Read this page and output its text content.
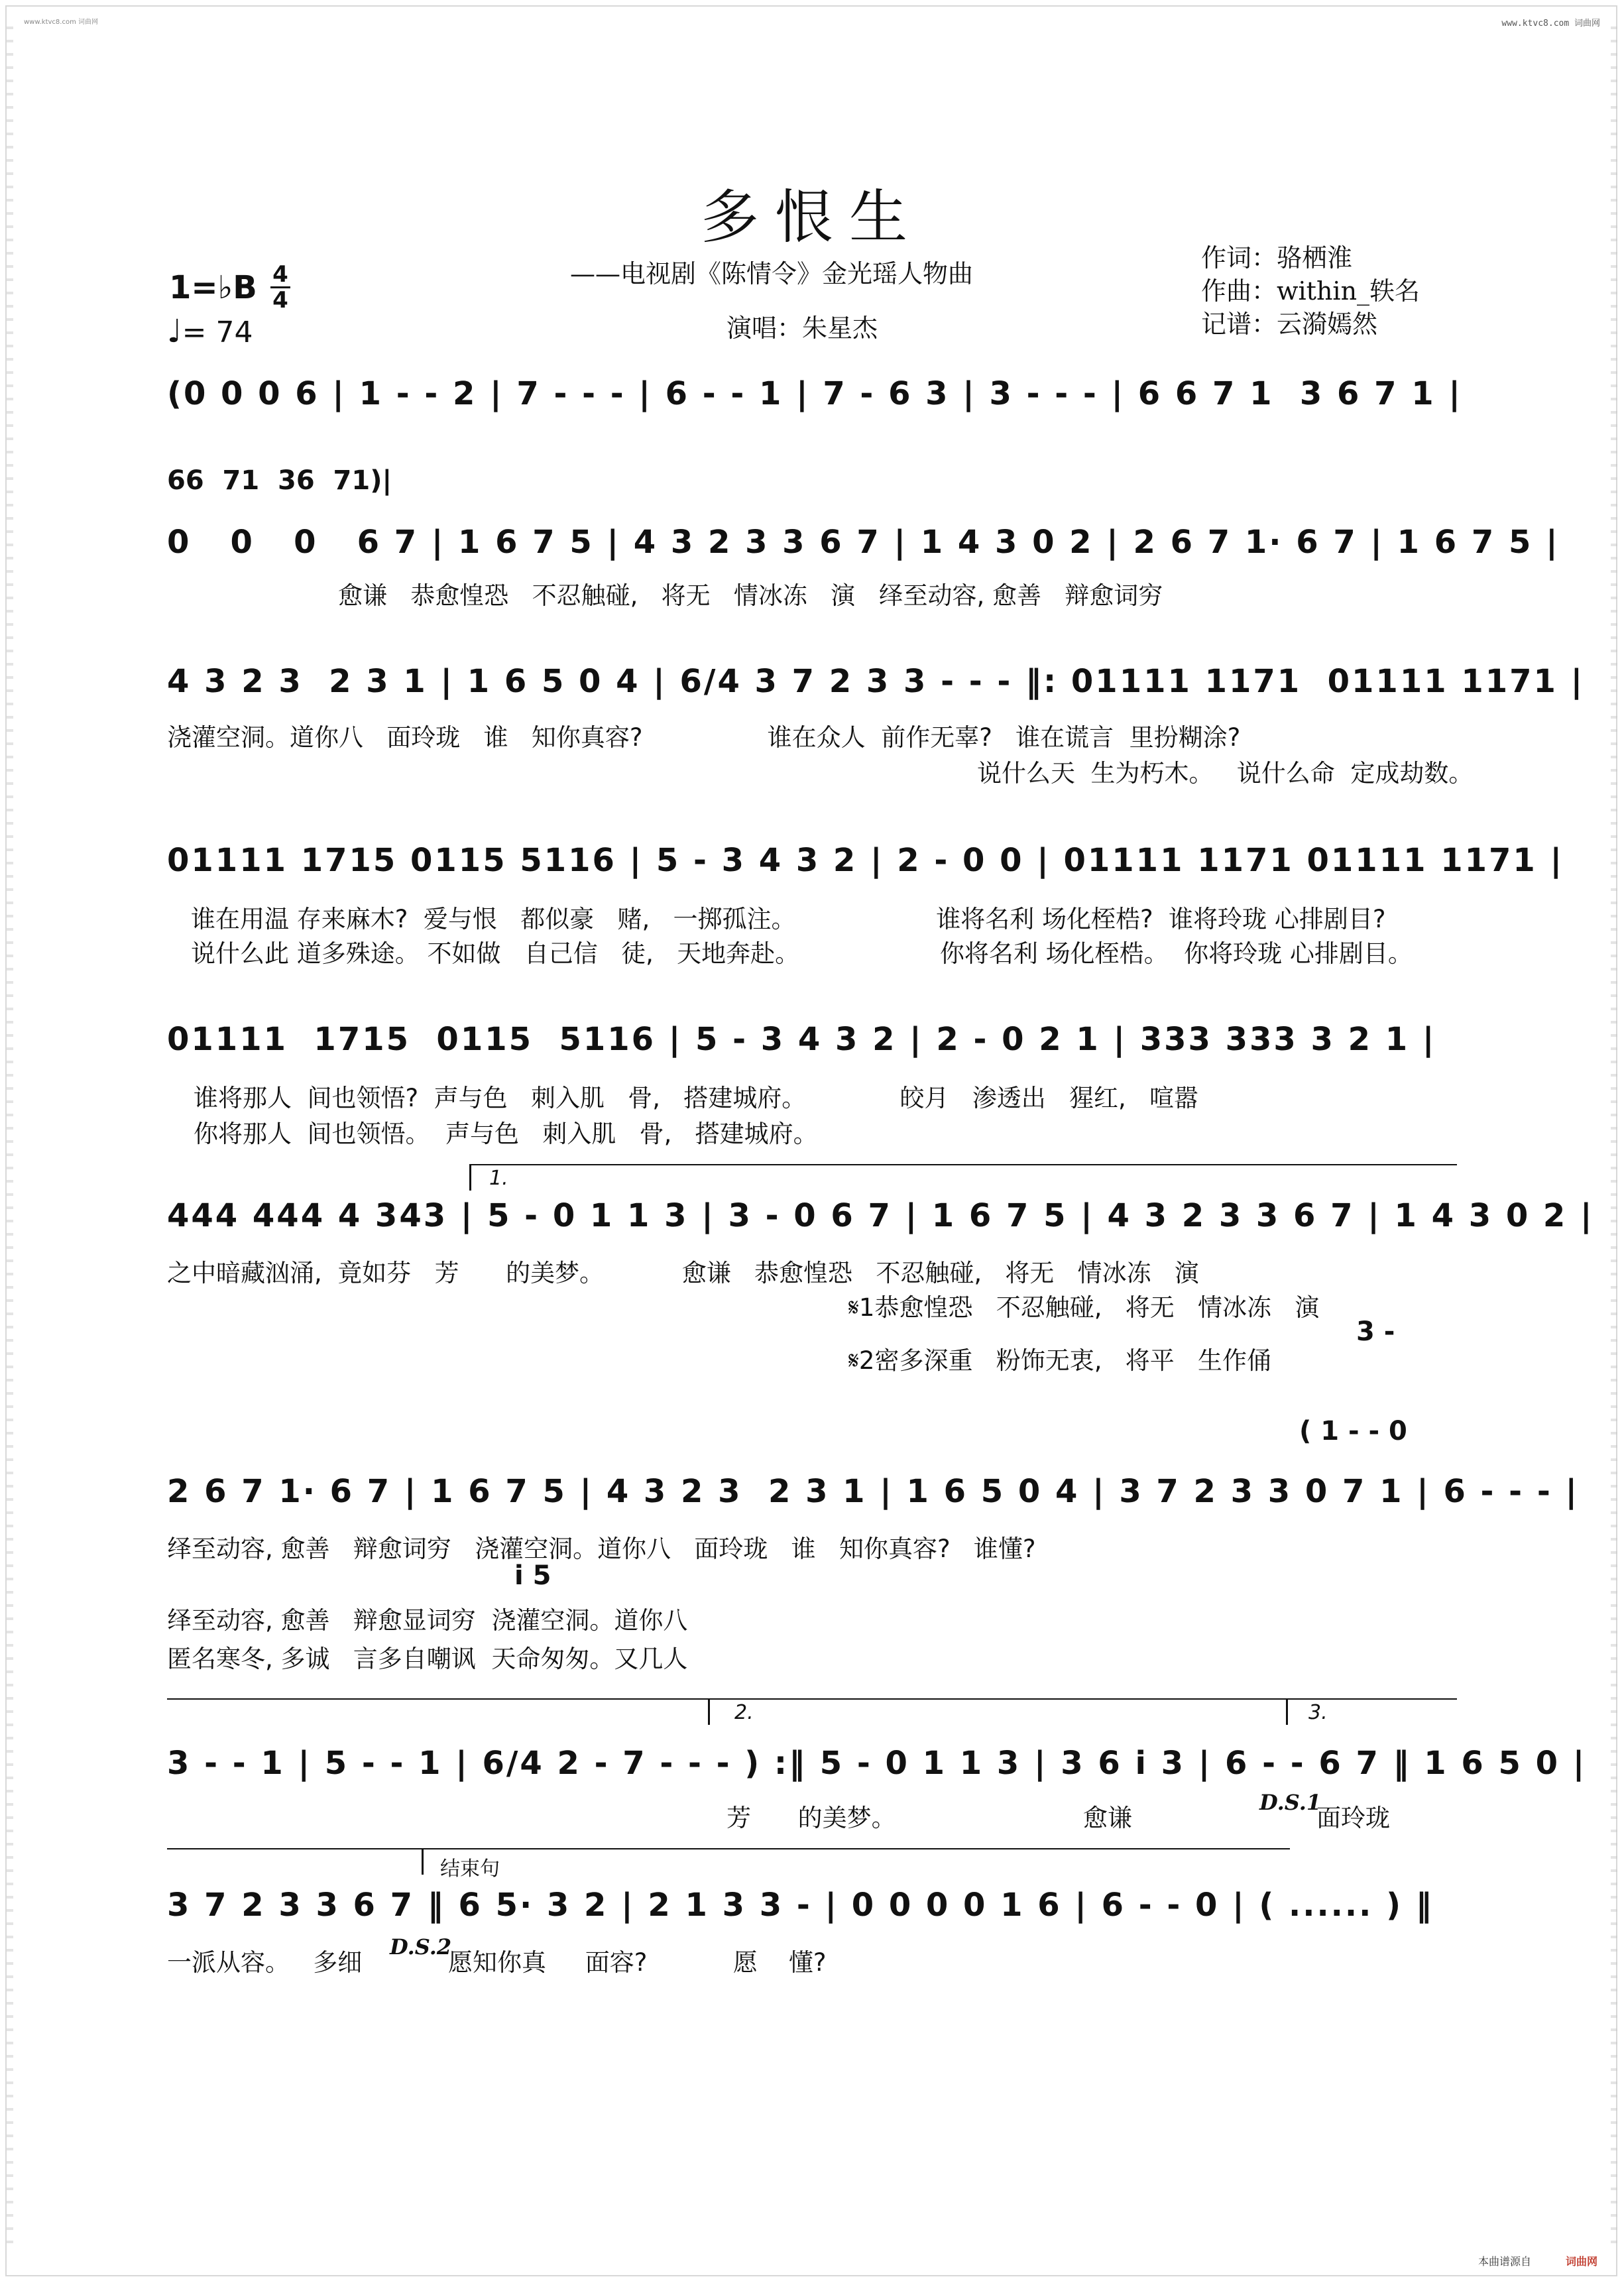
www.ktvc8.com 词曲网	www.ktvc8.com 词曲网
多恨生
——电视剧《陈情令》金光瑶人物曲
演唱：朱星杰
作词：骆栖淮
作曲：within_轶名
记谱：云漪嫣然
1=♭B 4
4
♩= 74
(0 0 0 6 | 1 - - 2 | 7 - - - | 6 - - 1 | 7 - 6 3 | 3 - - - | 6 6 7 1  3 6 7 1 |
66  71  36  71)|
0   0   0   6 7 | 1 6 7 5 | 4 3 2 3 3 6 7 | 1 4 3 0 2 | 2 6 7 1· 6 7 | 1 6 7 5 |
愈谦   恭愈惶恐   不忍触碰,   将无   情冰冻   演   绎至动容, 愈善   辩愈词穷
4 3 2 3  2 3 1 | 1 6 5 0 4 | 6/4 3 7 2 3 3 - - - ‖: 01111 1171  01111 1171 |
浇灌空洞。道你八   面玲珑   谁   知你真容?                谁在众人  前作无辜?   谁在谎言  里扮糊涂?
说什么天  生为朽木。   说什么命  定成劫数。
01111 1715 0115 5116 | 5 - 3 4 3 2 | 2 - 0 0 | 01111 1171 01111 1171 |
谁在用温 存来麻木?  爱与恨   都似豪   赌,   一掷孤注。                  谁将名利 场化桎梏?  谁将玲珑 心排剧目?
说什么此 道多殊途。 不如做   自己信   徒,   天地奔赴。                  你将名利 场化桎梏。  你将玲珑 心排剧目。
01111  1715  0115  5116 | 5 - 3 4 3 2 | 2 - 0 2 1 | 333 333 3 2 1 |
谁将那人  间也领悟?  声与色   刺入肌   骨,   搭建城府。            皎月   渗透出   猩红,   喧嚣
你将那人  间也领悟。  声与色   刺入肌   骨,   搭建城府。
1.
444 444 4 343 | 5 - 0 1 1 3 | 3 - 0 6 7 | 1 6 7 5 | 4 3 2 3 3 6 7 | 1 4 3 0 2 |
之中暗藏汹涌,  竟如芬   芳      的美梦。          愈谦   恭愈惶恐   不忍触碰,   将无   情冰冻   演
𝄋1恭愈惶恐   不忍触碰,   将无   情冰冻   演
3 -
𝄋2密多深重   粉饰无衷,   将平   生作俑
( 1 - - 0
2 6 7 1· 6 7 | 1 6 7 5 | 4 3 2 3  2 3 1 | 1 6 5 0 4 | 3 7 2 3 3 0 7 1 | 6 - - - |
绎至动容, 愈善   辩愈词穷   浇灌空洞。道你八   面玲珑   谁   知你真容?   谁懂?
i 5
绎至动容, 愈善   辩愈显词穷  浇灌空洞。道你八
匿名寒冬, 多诚   言多自嘲讽  天命匆匆。又几人
2.	3.
3 - - 1 | 5 - - 1 | 6/4 2 - 7 - - - ) :‖ 5 - 0 1 1 3 | 3 6 i 3 | 6 - - 6 7 ‖ 1 6 5 0 |
芳      的美梦。                        愈谦
D.S.1
面玲珑
结束句
3 7 2 3 3 6 7 ‖ 6 5· 3 2 | 2 1 3 3 - | 0 0 0 0 1 6 | 6 - - 0 | ( ...... ) ‖
一派从容。   多细
D.S.2
愿知你真     面容?           愿    懂?
本曲谱源自	词曲网
